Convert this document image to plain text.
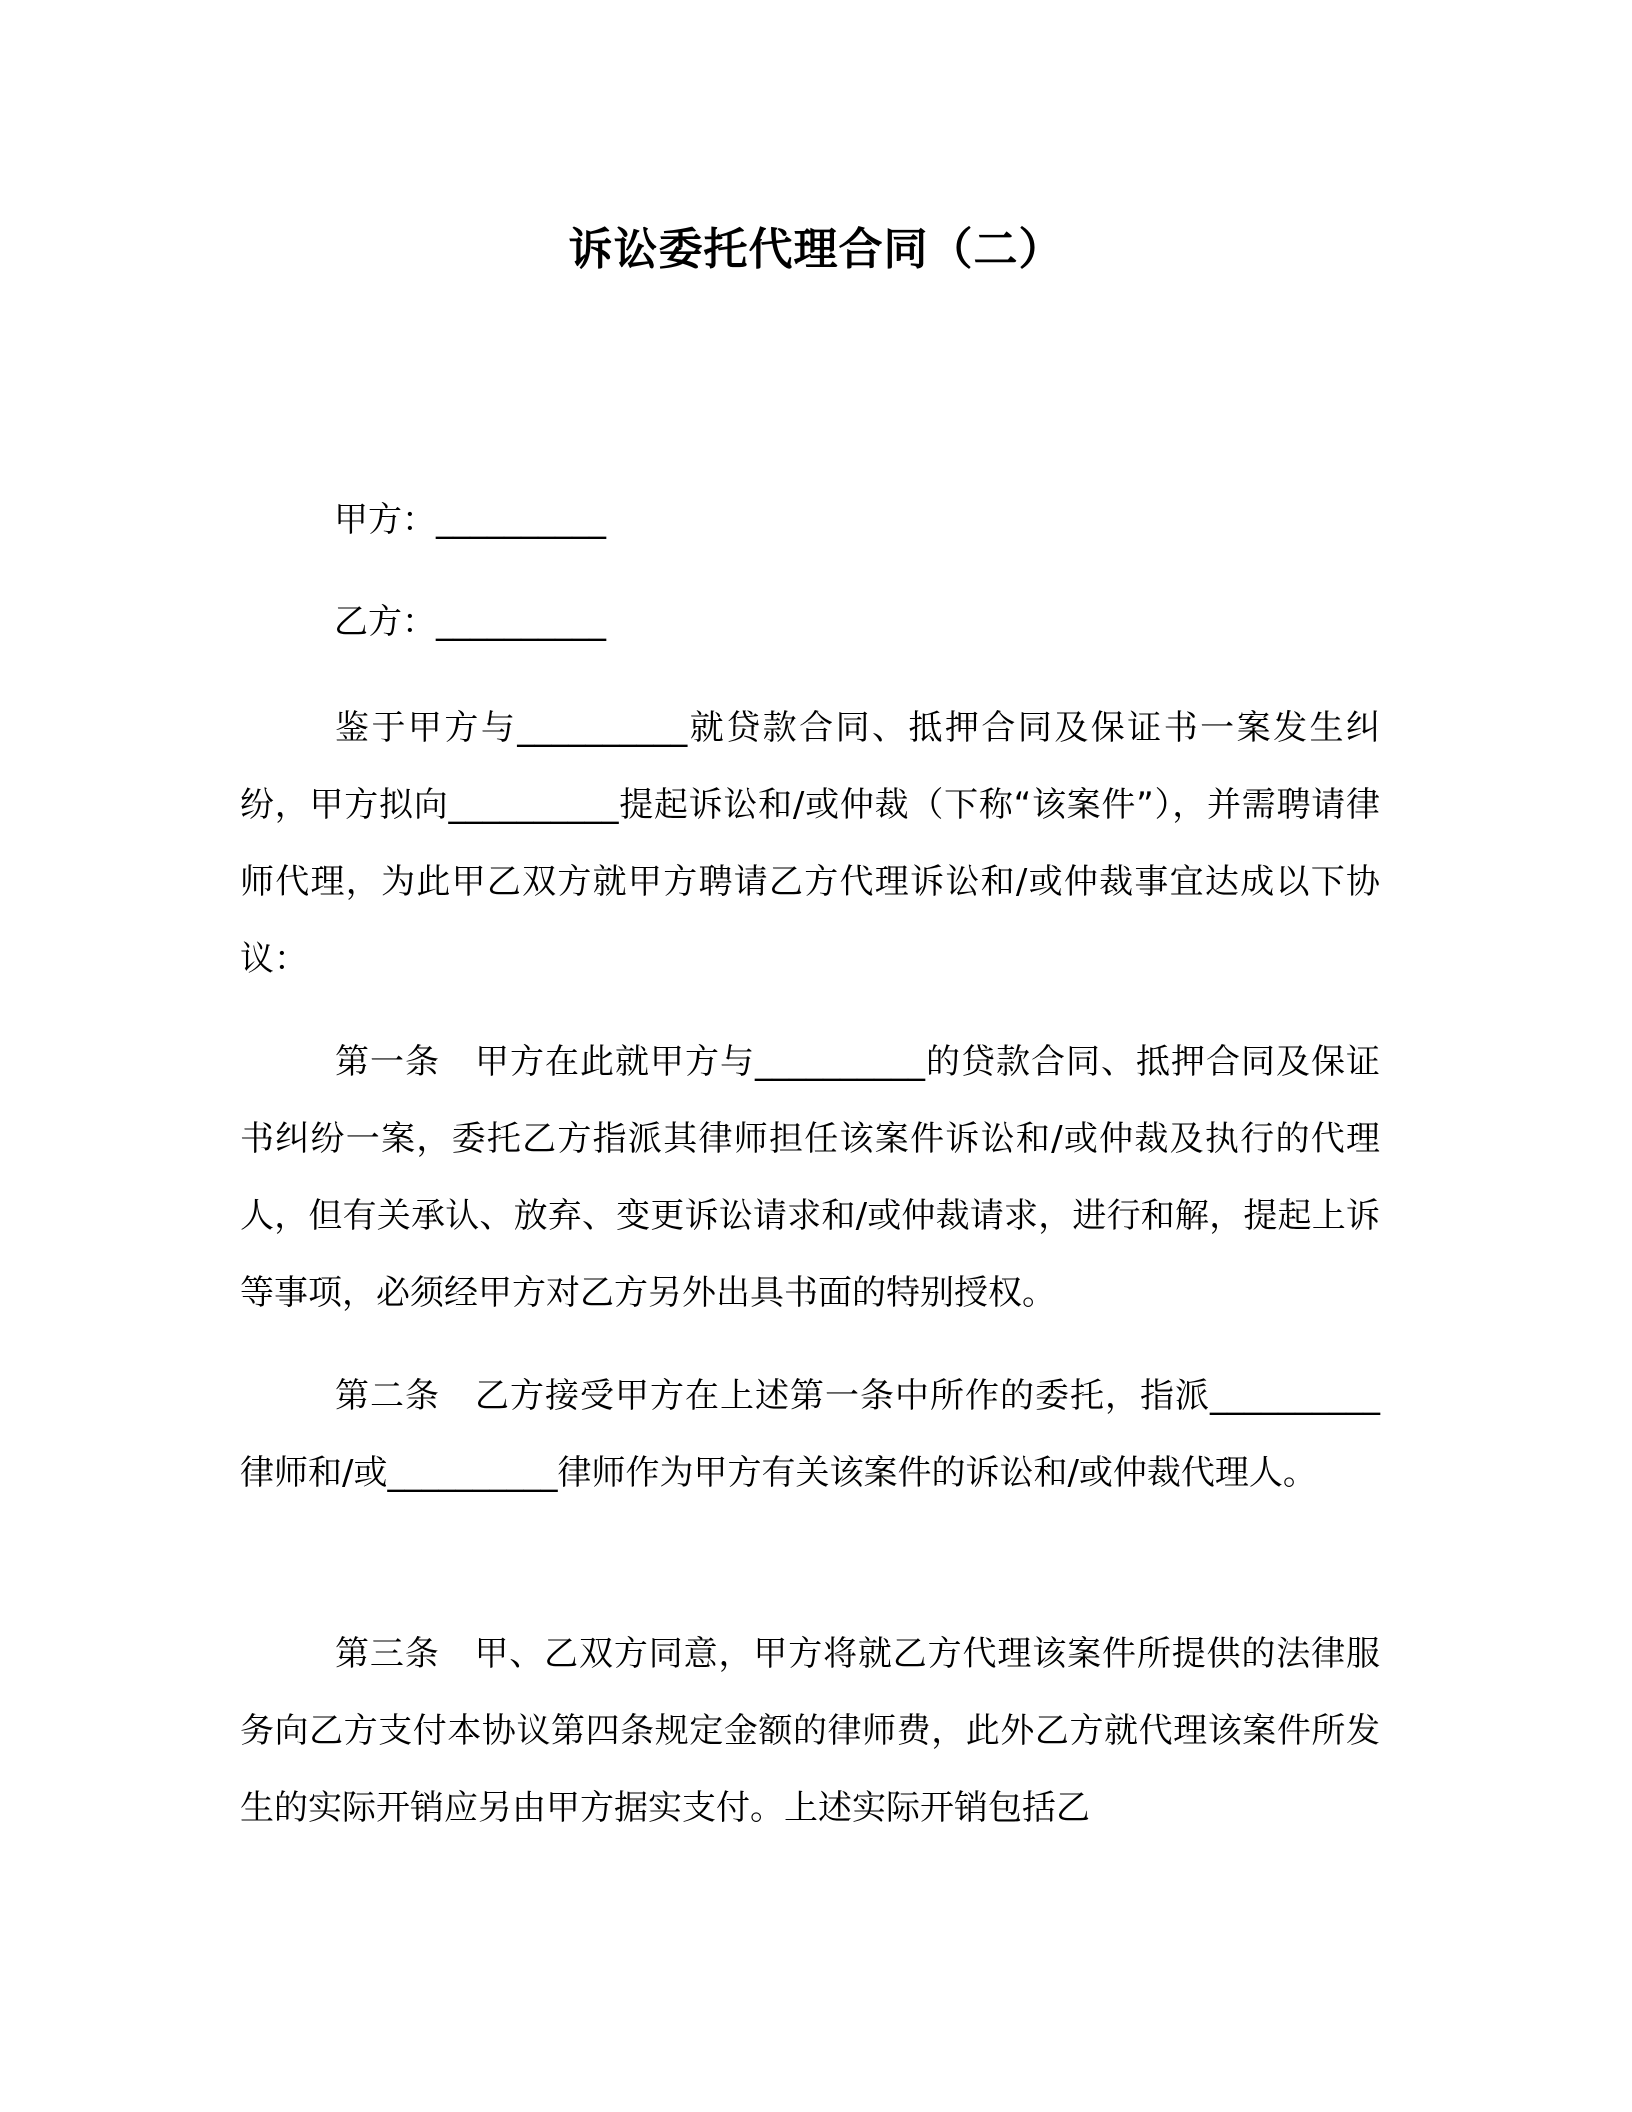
诉讼委托代理合同（二）
甲方：__________
乙方：__________
鉴于甲方与__________就贷款合同、抵押合同及保证书一案发生纠纷，甲方拟向__________提起诉讼和/或仲裁（下称“该案件”），并需聘请律师代理，为此甲乙双方就甲方聘请乙方代理诉讼和/或仲裁事宜达成以下协议：
第一条　甲方在此就甲方与__________的贷款合同、抵押合同及保证书纠纷一案，委托乙方指派其律师担任该案件诉讼和/或仲裁及执行的代理人，但有关承认、放弃、变更诉讼请求和/或仲裁请求，进行和解，提起上诉等事项，必须经甲方对乙方另外出具书面的特别授权。
第二条　乙方接受甲方在上述第一条中所作的委托，指派__________律师和/或__________律师作为甲方有关该案件的诉讼和/或仲裁代理人。
第三条　甲、乙双方同意，甲方将就乙方代理该案件所提供的法律服务向乙方支付本协议第四条规定金额的律师费，此外乙方就代理该案件所发生的实际开销应另由甲方据实支付。上述实际开销包括乙
